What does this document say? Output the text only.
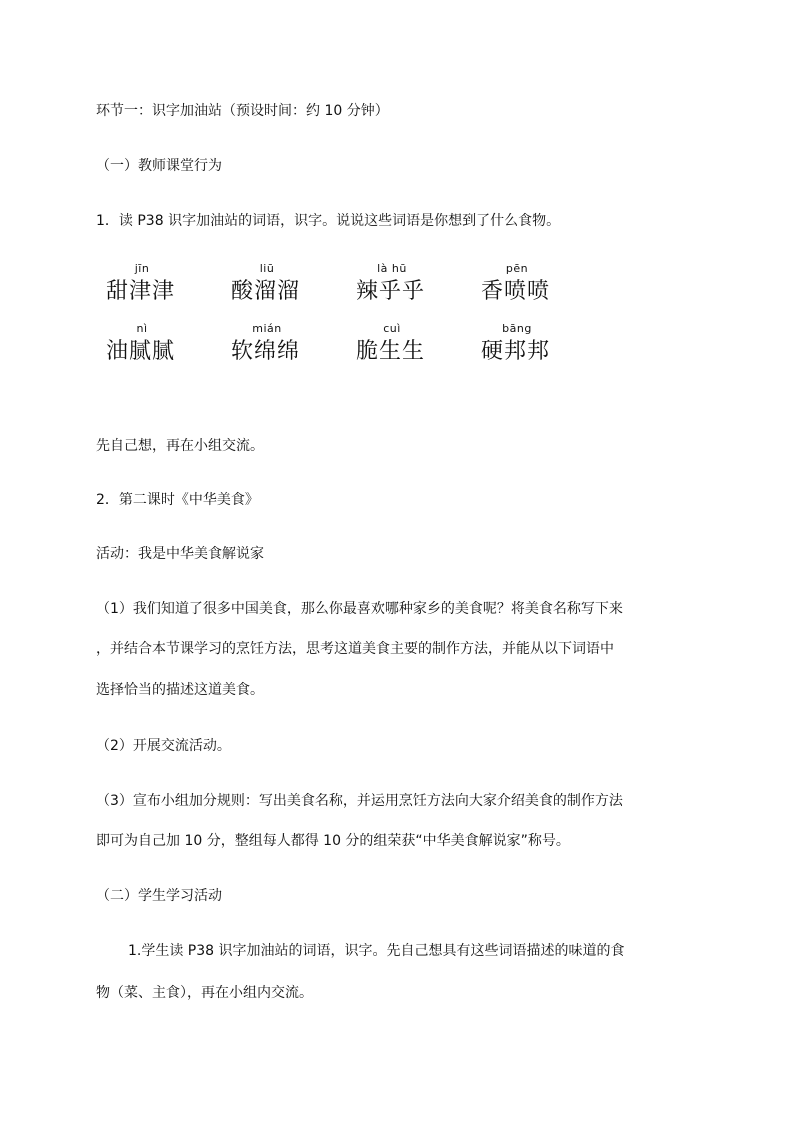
环节一：识字加油站（预设时间：约 10 分钟）
（一）教师课堂行为
1．读 P38 识字加油站的词语，识字。说说这些词语是你想到了什么食物。
jīn
甜津津
liū
酸溜溜
là hū
辣乎乎
pēn
香喷喷
nì
油腻腻
mián
软绵绵
cuì
脆生生
bāng
硬邦邦
先自己想，再在小组交流。
2．第二课时《中华美食》
活动：我是中华美食解说家
（1）我们知道了很多中国美食，那么你最喜欢哪种家乡的美食呢？将美食名称写下来
，并结合本节课学习的烹饪方法，思考这道美食主要的制作方法，并能从以下词语中
选择恰当的描述这道美食。
（2）开展交流活动。
（3）宣布小组加分规则：写出美食名称，并运用烹饪方法向大家介绍美食的制作方法
即可为自己加 10 分，整组每人都得 10 分的组荣获“中华美食解说家”称号。
（二）学生学习活动
1.学生读 P38 识字加油站的词语，识字。先自己想具有这些词语描述的味道的食
物（菜、主食），再在小组内交流。
